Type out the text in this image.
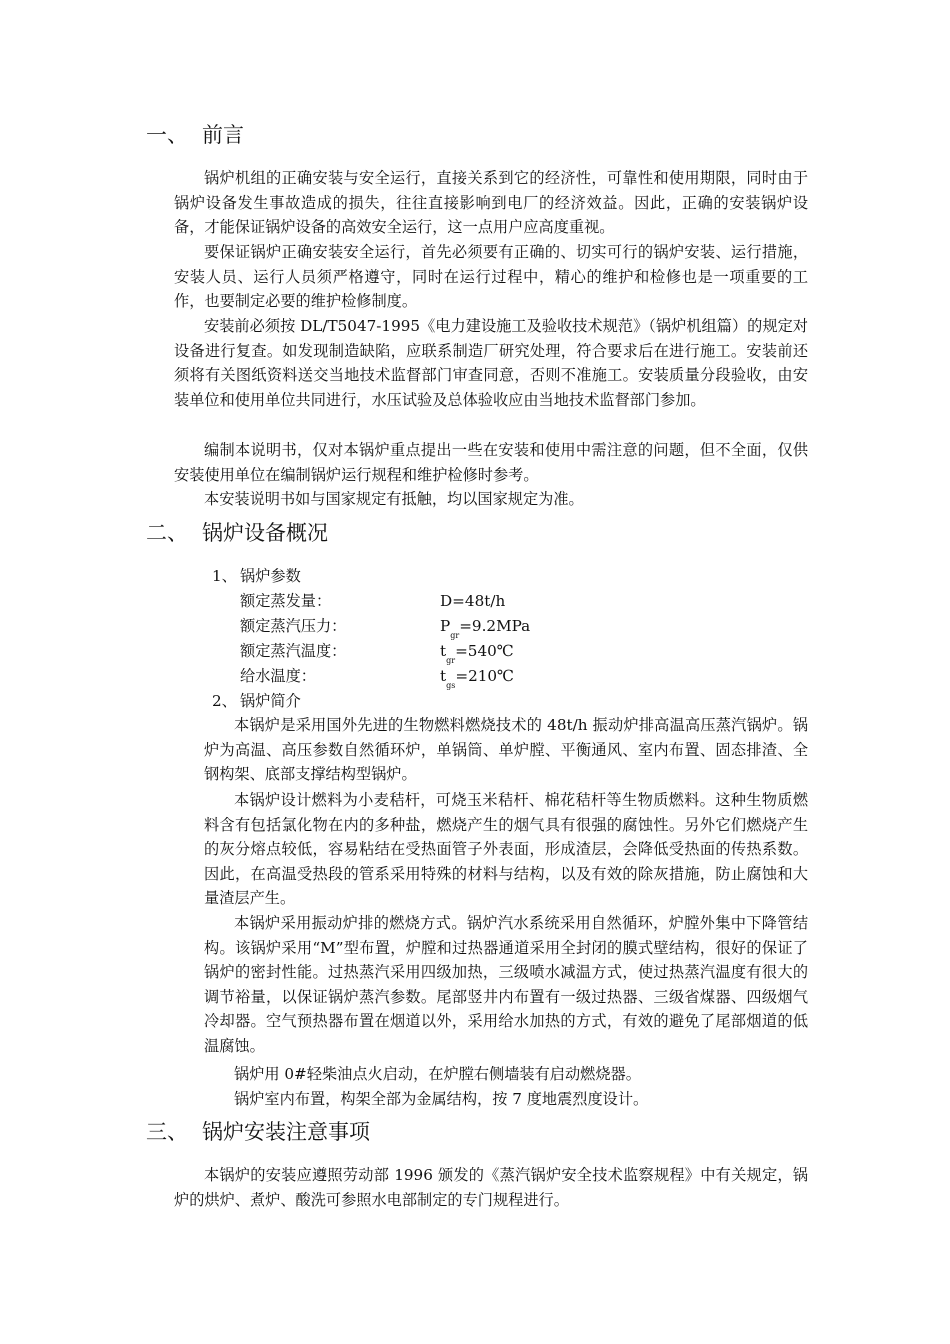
一、 前言

锅炉机组的正确安装与安全运行，直接关系到它的经济性，可靠性和使用期限，同时由于锅炉设备发生事故造成的损失，往往直接影响到电厂的经济效益。因此，正确的安装锅炉设备，才能保证锅炉设备的高效安全运行，这一点用户应高度重视。

要保证锅炉正确安装安全运行，首先必须要有正确的、切实可行的锅炉安装、运行措施，安装人员、运行人员须严格遵守，同时在运行过程中，精心的维护和检修也是一项重要的工作，也要制定必要的维护检修制度。

安装前必须按 DL/T5047-1995《电力建设施工及验收技术规范》（锅炉机组篇）的规定对设备进行复查。如发现制造缺陷，应联系制造厂研究处理，符合要求后在进行施工。安装前还须将有关图纸资料送交当地技术监督部门审查同意，否则不准施工。安装质量分段验收，由安装单位和使用单位共同进行，水压试验及总体验收应由当地技术监督部门参加。

编制本说明书，仅对本锅炉重点提出一些在安装和使用中需注意的问题，但不全面，仅供安装使用单位在编制锅炉运行规程和维护检修时参考。

本安装说明书如与国家规定有抵触，均以国家规定为准。

二、 锅炉设备概况
1、 锅炉参数
额定蒸发量：	D=48t/h
额定蒸汽压力：	$P_{gr}=9.2MPa$
额定蒸汽温度：	$t_{gr}=540℃$
给水温度：	$t_{gs}=210℃$
2、 锅炉简介

本锅炉是采用国外先进的生物燃料燃烧技术的 48t/h 振动炉排高温高压蒸汽锅炉。锅炉为高温、高压参数自然循环炉，单锅筒、单炉膛、平衡通风、室内布置、固态排渣、全钢构架、底部支撑结构型锅炉。

本锅炉设计燃料为小麦秸杆，可烧玉米秸杆、棉花秸杆等生物质燃料。这种生物质燃料含有包括氯化物在内的多种盐，燃烧产生的烟气具有很强的腐蚀性。另外它们燃烧产生的灰分熔点较低，容易粘结在受热面管子外表面，形成渣层，会降低受热面的传热系数。因此，在高温受热段的管系采用特殊的材料与结构，以及有效的除灰措施，防止腐蚀和大量渣层产生。

本锅炉采用振动炉排的燃烧方式。锅炉汽水系统采用自然循环，炉膛外集中下降管结构。该锅炉采用“M”型布置，炉膛和过热器通道采用全封闭的膜式壁结构，很好的保证了锅炉的密封性能。过热蒸汽采用四级加热，三级喷水减温方式，使过热蒸汽温度有很大的调节裕量，以保证锅炉蒸汽参数。尾部竖井内布置有一级过热器、三级省煤器、四级烟气冷却器。空气预热器布置在烟道以外，采用给水加热的方式，有效的避免了尾部烟道的低温腐蚀。

锅炉用 0#轻柴油点火启动，在炉膛右侧墙装有启动燃烧器。
锅炉室内布置，构架全部为金属结构，按 7 度地震烈度设计。
三、 锅炉安装注意事项

本锅炉的安装应遵照劳动部 1996 颁发的《蒸汽锅炉安全技术监察规程》中有关规定，锅炉的烘炉、煮炉、酸洗可参照水电部制定的专门规程进行。
